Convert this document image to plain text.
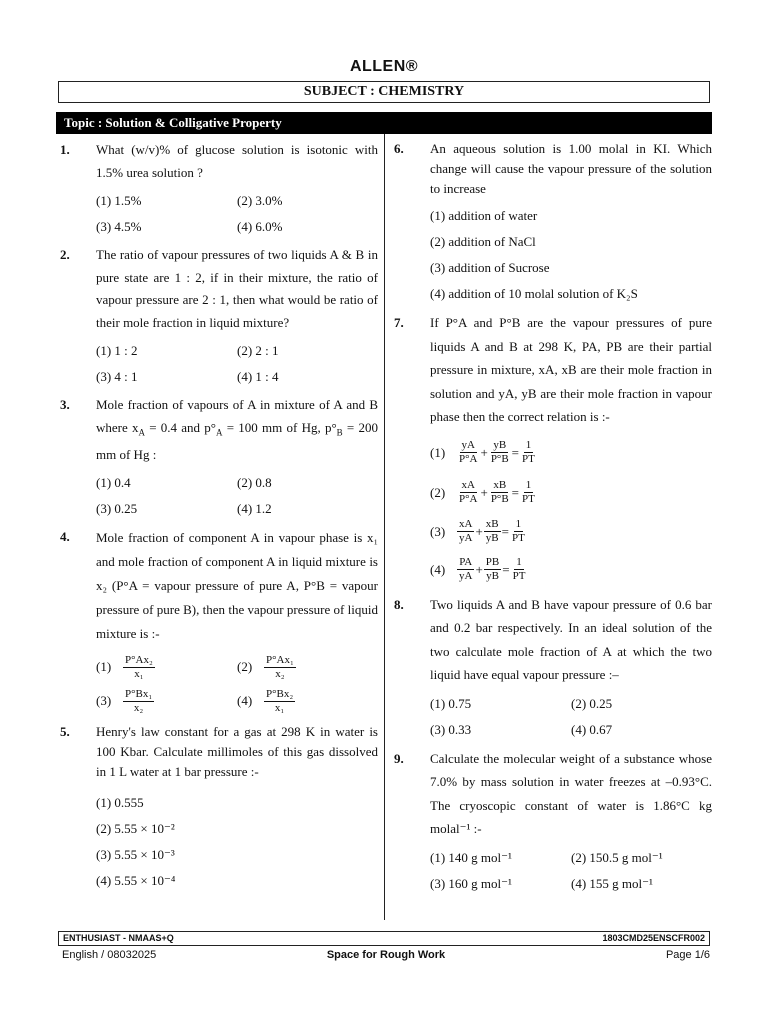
ALLEN®
SUBJECT : CHEMISTRY
Topic : Solution & Colligative Property
1. What (w/v)% of glucose solution is isotonic with 1.5% urea solution ?
(1) 1.5%	(2) 3.0%
(3) 4.5%	(4) 6.0%
2. The ratio of vapour pressures of two liquids A & B in pure state are 1 : 2, if in their mixture, the ratio of vapour pressure are 2 : 1, then what would be ratio of their mole fraction in liquid mixture?
(1) 1 : 2	(2) 2 : 1
(3) 4 : 1	(4) 1 : 4
3. Mole fraction of vapours of A in mixture of A and B where $x_A = 0.4$ and $p^\circ_A = 100$ mm of Hg, $p^\circ_B = 200$ mm of Hg :
(1) 0.4	(2) 0.8
(3) 0.25	(4) 1.2
4. Mole fraction of component A in vapour phase is x₁ and mole fraction of component A in liquid mixture is x₂ (P°A = vapour pressure of pure A, P°B = vapour pressure of pure B), then the vapour pressure of liquid mixture is :-
(1)	$\frac{\text{P°Ax₂}}{\text{x₁}}$	(2)	$\frac{\text{P°Ax₁}}{\text{x₂}}$
(3)	$\frac{\text{P°Bx₁}}{\text{x₂}}$	(4)	$\frac{\text{P°Bx₂}}{\text{x₁}}$
5. Henry's law constant for a gas at 298 K in water is 100 Kbar. Calculate millimoles of this gas dissolved in 1 L water at 1 bar pressure :-
(1) 0.555
(2) 5.55 × 10⁻²
(3) 5.55 × 10⁻³
(4) 5.55 × 10⁻⁴
6. An aqueous solution is 1.00 molal in KI. Which change will cause the vapour pressure of the solution to increase
(1) addition of water
(2) addition of NaCl
(3) addition of Sucrose
(4) addition of 10 molal solution of K₂S
7. If P°A and P°B are the vapour pressures of pure liquids A and B at 298 K, PA, PB are their partial pressure in mixture, xA, xB are their mole fraction in solution and yA, yB are their mole fraction in vapour phase then the correct relation is :-
(1)	$\frac{yA}{P^\circ A} + \frac{yB}{P^\circ B} = \frac{1}{PT}$
(2)	$\frac{xA}{P^\circ A} + \frac{xB}{P^\circ B} = \frac{1}{PT}$
(3)	$\frac{xA}{yA} + \frac{xB}{yB} = \frac{1}{PT}$
(4)	$\frac{PA}{yA} + \frac{PB}{yB} = \frac{1}{PT}$
8. Two liquids A and B have vapour pressure of 0.6 bar and 0.2 bar respectively. In an ideal solution of the two calculate mole fraction of A at which the two liquid have equal vapour pressure :–
(1) 0.75	(2) 0.25
(3) 0.33	(4) 0.67
9. Calculate the molecular weight of a substance whose 7.0% by mass solution in water freezes at –0.93°C. The cryoscopic constant of water is 1.86°C kg molal⁻¹ :-
(1) 140 g mol⁻¹	(2) 150.5 g mol⁻¹
(3) 160 g mol⁻¹	(4) 155 g mol⁻¹
ENTHUSIAST - NMAAS+Q	1803CMD25ENSCFR002
English / 08032025	Space for Rough Work	Page 1/6
